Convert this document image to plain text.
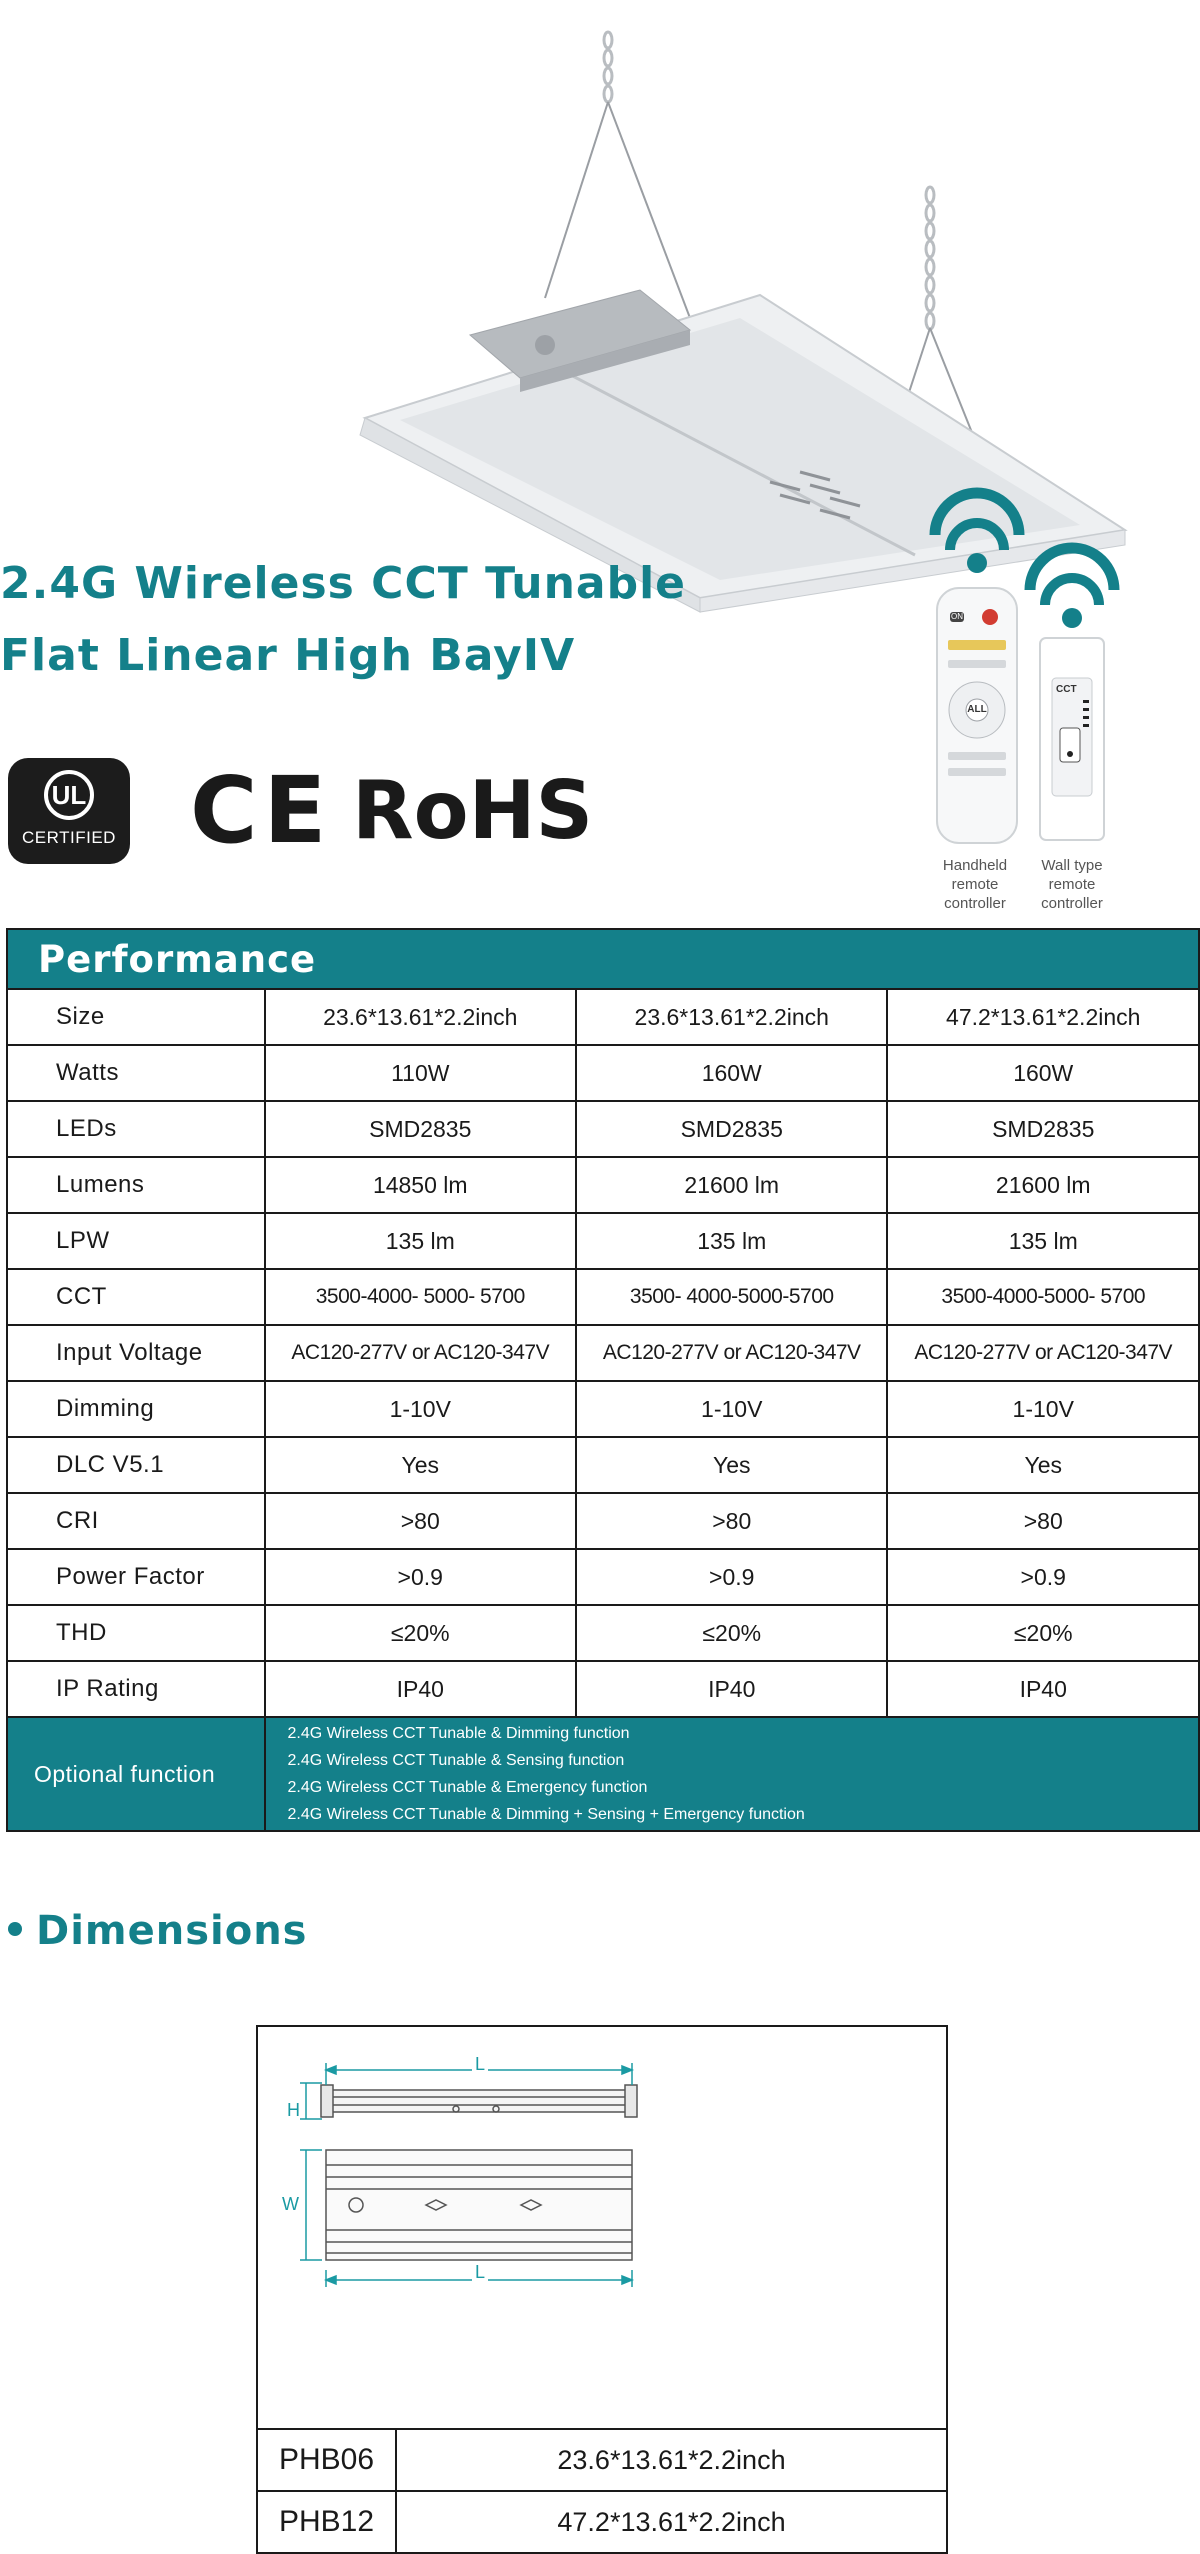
ON
ALL
CCT
2.4G Wireless CCT Tunable
Flat Linear High BayIV
UL
CERTIFIED CE RoHS
Handheld remote controller
Wall type remote controller
Performance			
Size	23.6*13.61*2.2inch	23.6*13.61*2.2inch	47.2*13.61*2.2inch
Watts	110W	160W	160W
LEDs	SMD2835	SMD2835	SMD2835
Lumens	14850 lm	21600 lm	21600 lm
LPW	135 lm	135 lm	135 lm
CCT	3500-4000- 5000- 5700	3500- 4000-5000-5700	3500-4000-5000- 5700
Input Voltage	AC120-277V or AC120-347V	AC120-277V or AC120-347V	AC120-277V or AC120-347V
Dimming	1-10V	1-10V	1-10V
DLC V5.1	Yes	Yes	Yes
CRI	>80	>80	>80
Power Factor	>0.9	>0.9	>0.9
THD	≤20%	≤20%	≤20%
IP Rating	IP40	IP40	IP40
Optional function	2.4G Wireless CCT Tunable & Dimming function
2.4G Wireless CCT Tunable & Sensing function
2.4G Wireless CCT Tunable & Emergency function
2.4G Wireless CCT Tunable & Dimming + Sensing + Emergency function		
Dimensions
L
H
W
L
PHB06	23.6*13.61*2.2inch
PHB12	47.2*13.61*2.2inch
